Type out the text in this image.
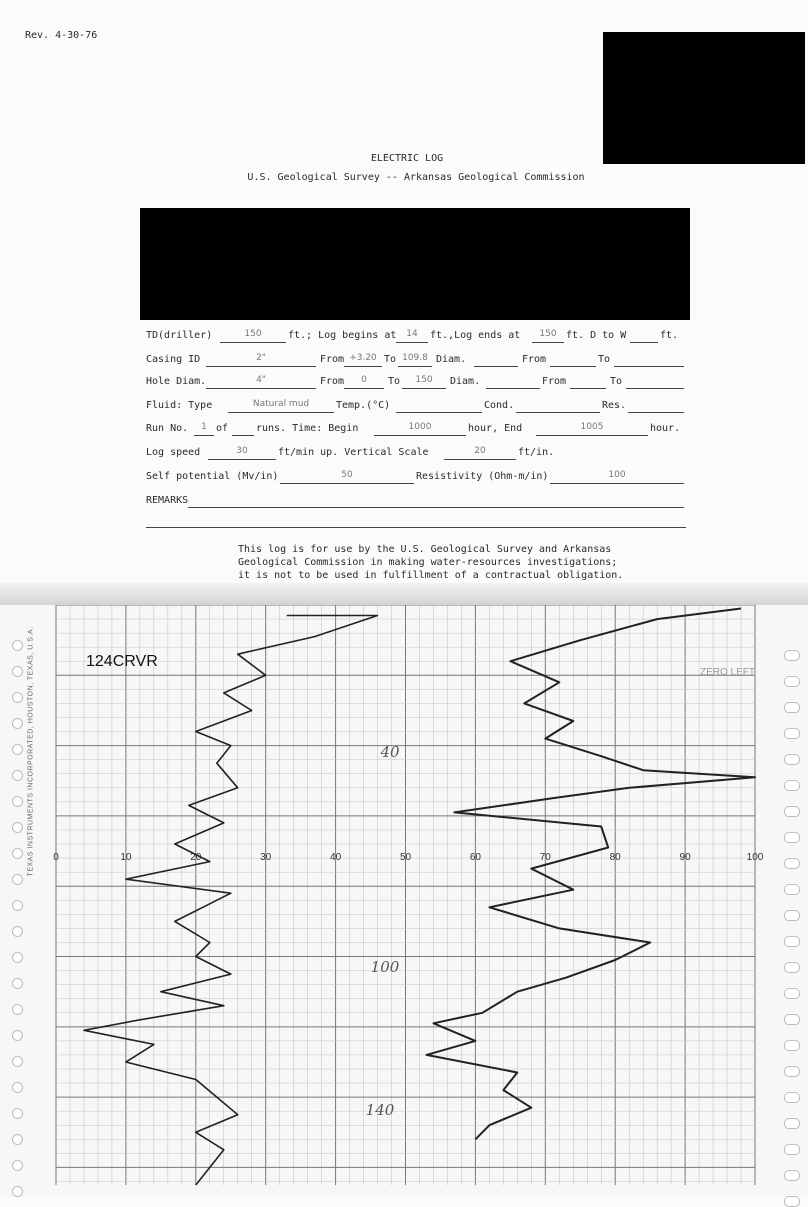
Rev. 4-30-76
ELECTRIC LOG
U.S. Geological Survey -- Arkansas Geological Commission
TD(driller)	150	ft.; Log begins at	14	ft.,Log ends at	150 ft. D to W	ft.
Casing ID	2"	From +3.20 To 109.8 Diam.	From	To
Hole Diam.	4"	From	0	To	150	Diam.	From	To
Fluid: Type	Natural mud	Temp.(°C)	Cond.	Res.
Run No.	1 of	runs. Time: Begin	1000	hour, End	1005	hour.
Log speed	30	ft/min up. Vertical Scale	20	ft/in.
Self potential (Mv/in)	50	Resistivity (Ohm-m/in)	100
REMARKS
This log is for use by the U.S. Geological Survey and Arkansas
Geological Commission in making water-resources investigations;
it is not to be used in fulfillment of a contractual obligation.
40
100
140
0	10	20	30	40	50	60	70	80	90	100
ZERO LEFT
TEXAS INSTRUMENTS INCORPORATED, HOUSTON, TEXAS, U.S.A.	124CRVR
